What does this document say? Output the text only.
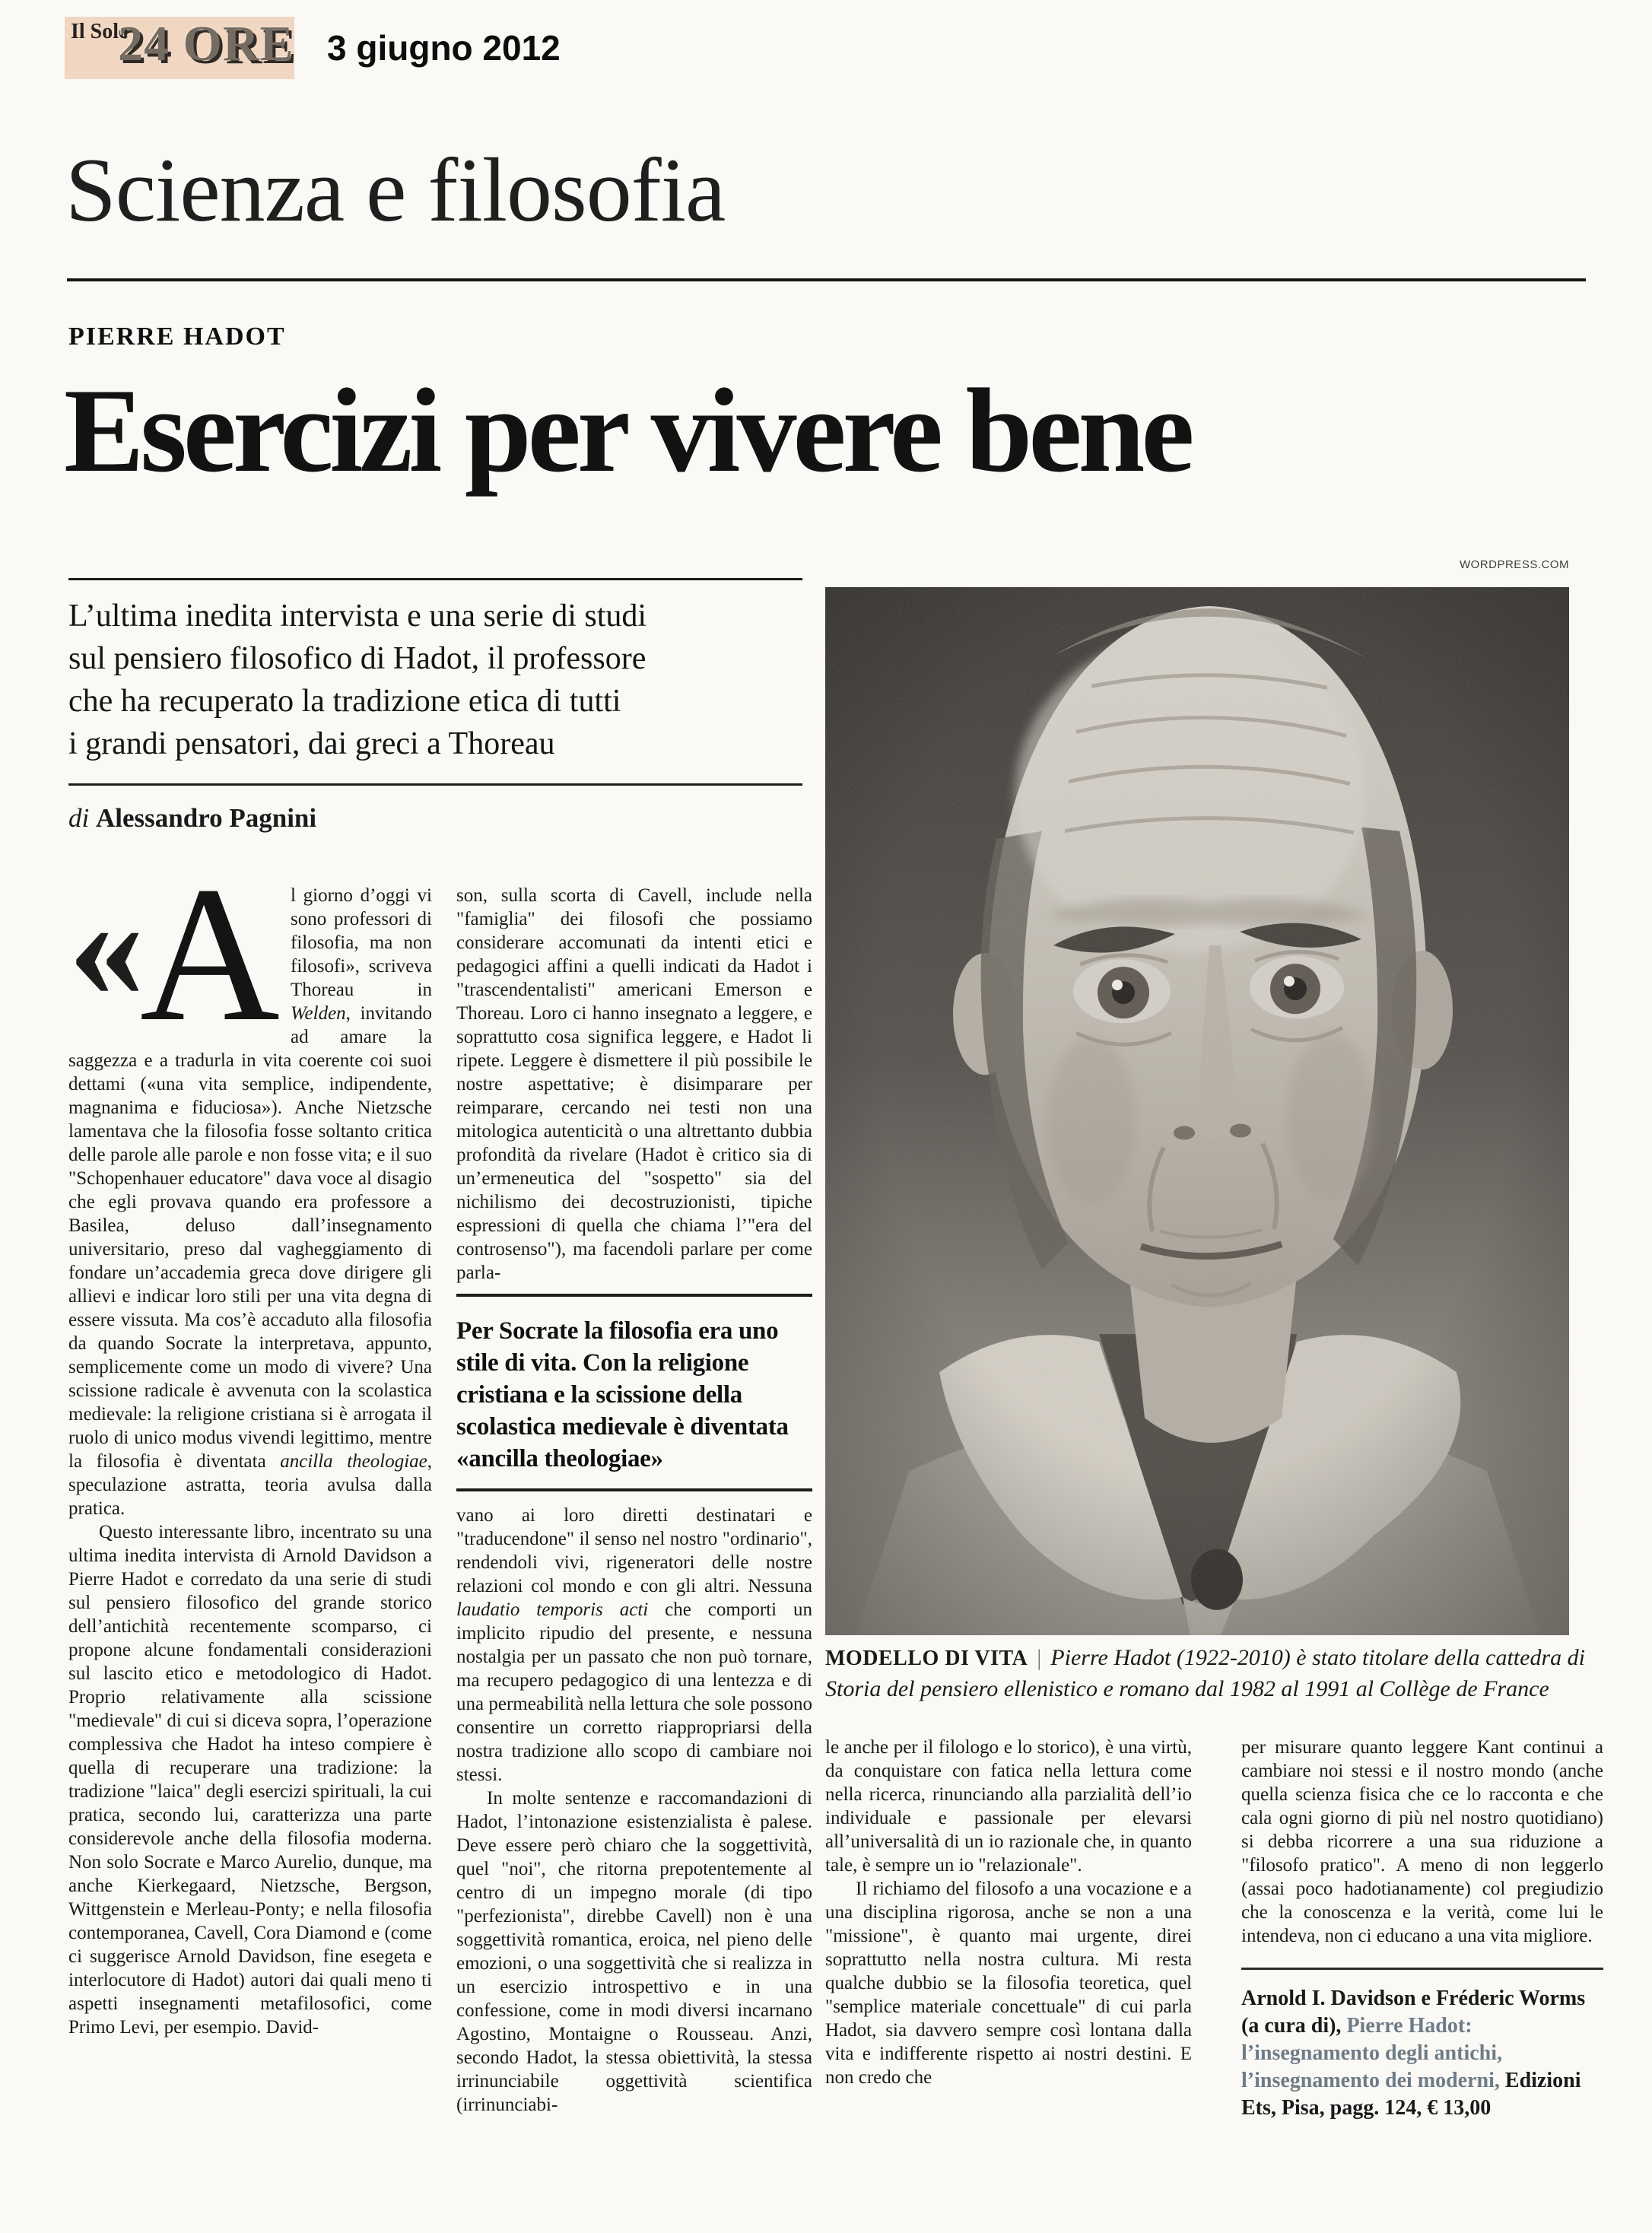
Il Sole
24 ORE 3 giugno 2012
Scienza e filosofia
PIERRE HADOT
Esercizi per vivere bene
L’ultima inedita intervista e una serie di studi
sul pensiero filosofico di Hadot, il professore
che ha recuperato la tradizione etica di tutti
i grandi pensatori, dai greci a Thoreau
di Alessandro Pagnini
WORDPRESS.COM

«
A l giorno d’oggi vi sono professori di filosofia, ma non filosofi», scriveva Thoreau in Welden, invitando ad amare la saggezza e a tradurla in vita coerente coi suoi dettami («una vita semplice, indipendente, magnanima e fiduciosa»). Anche Nietzsche lamentava che la filosofia fosse soltanto critica delle parole alle parole e non fosse vita; e il suo "Schopenhauer educatore" dava voce al disagio che egli provava quando era professore a Basilea, deluso dall’insegnamento universitario, preso dal vagheggiamento di fondare un’accademia greca dove dirigere gli allievi e indicar loro stili per una vita degna di essere vissuta. Ma cos’è accaduto alla filosofia da quando Socrate la interpretava, appunto, semplicemente come un modo di vivere? Una scissione radicale è avvenuta con la scolastica medievale: la religione cristiana si è arrogata il ruolo di unico modus vivendi legittimo, mentre la filosofia è diventata ancilla theologiae, speculazione astratta, teoria avulsa dalla pratica.

Questo interessante libro, incentrato su una ultima inedita intervista di Arnold Davidson a Pierre Hadot e corredato da una serie di studi sul pensiero filosofico del grande storico dell’antichità recentemente scomparso, ci propone alcune fondamentali considerazioni sul lascito etico e metodologico di Hadot. Proprio relativamente alla scissione "medievale" di cui si diceva sopra, l’operazione complessiva che Hadot ha inteso compiere è quella di recuperare una tradizione: la tradizione "laica" degli esercizi spirituali, la cui pratica, secondo lui, caratterizza una parte considerevole anche della filosofia moderna. Non solo Socrate e Marco Aurelio, dunque, ma anche Kierkegaard, Nietzsche, Bergson, Wittgenstein e Merleau-Ponty; e nella filosofia contemporanea, Cavell, Cora Diamond e (come ci suggerisce Arnold Davidson, fine esegeta e interlocutore di Hadot) autori dai quali meno ti aspetti insegnamenti metafilosofici, come Primo Levi, per esempio. David-

son, sulla scorta di Cavell, include nella "famiglia" dei filosofi che possiamo considerare accomunati da intenti etici e pedagogici affini a quelli indicati da Hadot i "trascendentalisti" americani Emerson e Thoreau. Loro ci hanno insegnato a leggere, e soprattutto cosa significa leggere, e Hadot li ripete. Leggere è dismettere il più possibile le nostre aspettative; è disimparare per reimparare, cercando nei testi non una mitologica autenticità o una altrettanto dubbia profondità da rivelare (Hadot è critico sia di un’ermeneutica del "sospetto" sia del nichilismo dei decostruzionisti, tipiche espressioni di quella che chiama l’"era del controsenso"), ma facendoli parlare per come parla-

Per Socrate la filosofia era uno stile di vita. Con la religione cristiana e la scissione della scolastica medievale è diventata «ancilla theologiae»

vano ai loro diretti destinatari e "traducendone" il senso nel nostro "ordinario", rendendoli vivi, rigeneratori delle nostre relazioni col mondo e con gli altri. Nessuna laudatio temporis acti che comporti un implicito ripudio del presente, e nessuna nostalgia per un passato che non può tornare, ma recupero pedagogico di una lentezza e di una permeabilità nella lettura che sole possono consentire un corretto riappropriarsi della nostra tradizione allo scopo di cambiare noi stessi.

In molte sentenze e raccomandazioni di Hadot, l’intonazione esistenzialista è palese. Deve essere però chiaro che la soggettività, quel "noi", che ritorna prepotentemente al centro di un impegno morale (di tipo "perfezionista", direbbe Cavell) non è una soggettività romantica, eroica, nel pieno delle emozioni, o una soggettività che si realizza in un esercizio introspettivo e in una confessione, come in modi diversi incarnano Agostino, Montaigne o Rousseau. Anzi, secondo Hadot, la stessa obiettività, la stessa irrinunciabile oggettività scientifica (irrinunciabi-

MODELLO DI VITA | Pierre Hadot (1922-2010) è stato titolare della cattedra di Storia del pensiero ellenistico e romano dal 1982 al 1991 al Collège de France

le anche per il filologo e lo storico), è una virtù, da conquistare con fatica nella lettura come nella ricerca, rinunciando alla parzialità dell’io individuale e passionale per elevarsi all’universalità di un io razionale che, in quanto tale, è sempre un io "relazionale".

Il richiamo del filosofo a una vocazione e a una disciplina rigorosa, anche se non a una "missione", è quanto mai urgente, direi soprattutto nella nostra cultura. Mi resta qualche dubbio se la filosofia teoretica, quel "semplice materiale concettuale" di cui parla Hadot, sia davvero sempre così lontana dalla vita e indifferente rispetto ai nostri destini. E non credo che

per misurare quanto leggere Kant continui a cambiare noi stessi e il nostro mondo (anche quella scienza fisica che ce lo racconta e che cala ogni giorno di più nel nostro quotidiano) si debba ricorrere a una sua riduzione a "filosofo pratico". A meno di non leggerlo (assai poco hadotianamente) col pregiudizio che la conoscenza e la verità, come lui le intendeva, non ci educano a una vita migliore.

Arnold I. Davidson e Fréderic Worms (a cura di), Pierre Hadot: l’insegnamento degli antichi, l’insegnamento dei moderni, Edizioni Ets, Pisa, pagg. 124, € 13,00
